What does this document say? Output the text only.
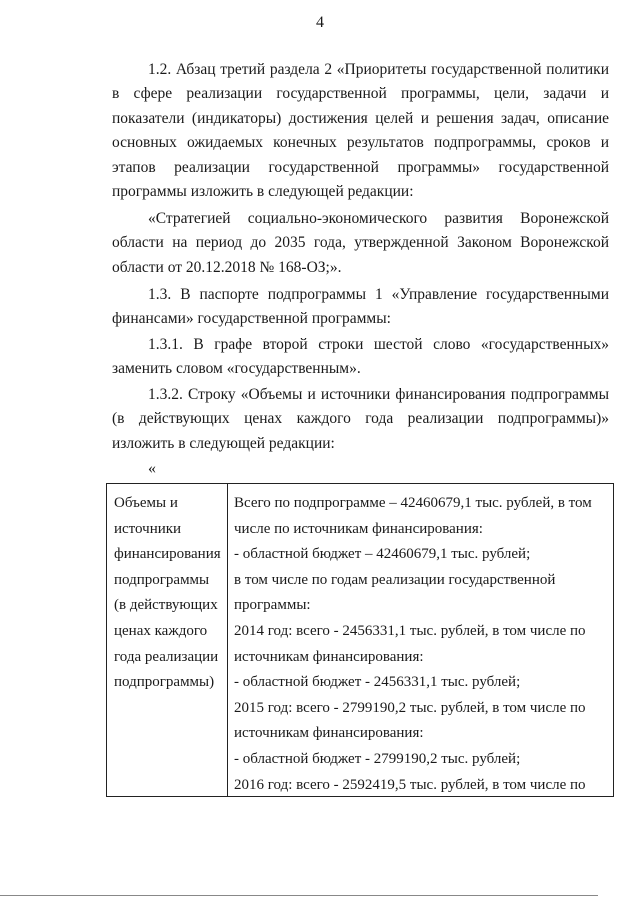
4

1.2. Абзац третий раздела 2 «Приоритеты государственной политики в сфере реализации государственной программы, цели, задачи и показатели (индикаторы) достижения целей и решения задач, описание основных ожидаемых конечных результатов подпрограммы, сроков и этапов реализации государственной программы» государственной программы изложить в следующей редакции:

«Стратегией социально-экономического развития Воронежской области на период до 2035 года, утвержденной Законом Воронежской области от 20.12.2018 № 168-ОЗ;».

1.3. В паспорте подпрограммы 1 «Управление государственными финансами» государственной программы:

1.3.1. В графе второй строки шестой слово «государственных» заменить словом «государственным».

1.3.2. Строку «Объемы и источники финансирования подпрограммы (в действующих ценах каждого года реализации подпрограммы)» изложить в следующей редакции:

«
Объемы и
источники
финансирования
подпрограммы
(в действующих
ценах каждого
года реализации
подпрограммы)
Всего по подпрограмме – 42460679,1 тыс. рублей, в том
числе по источникам финансирования:
- областной бюджет – 42460679,1 тыс. рублей;
в том числе по годам реализации государственной
программы:
2014 год: всего - 2456331,1 тыс. рублей, в том числе по
источникам финансирования:
- областной бюджет - 2456331,1 тыс. рублей;
2015 год: всего - 2799190,2 тыс. рублей, в том числе по
источникам финансирования:
- областной бюджет - 2799190,2 тыс. рублей;
2016 год: всего - 2592419,5 тыс. рублей, в том числе по
